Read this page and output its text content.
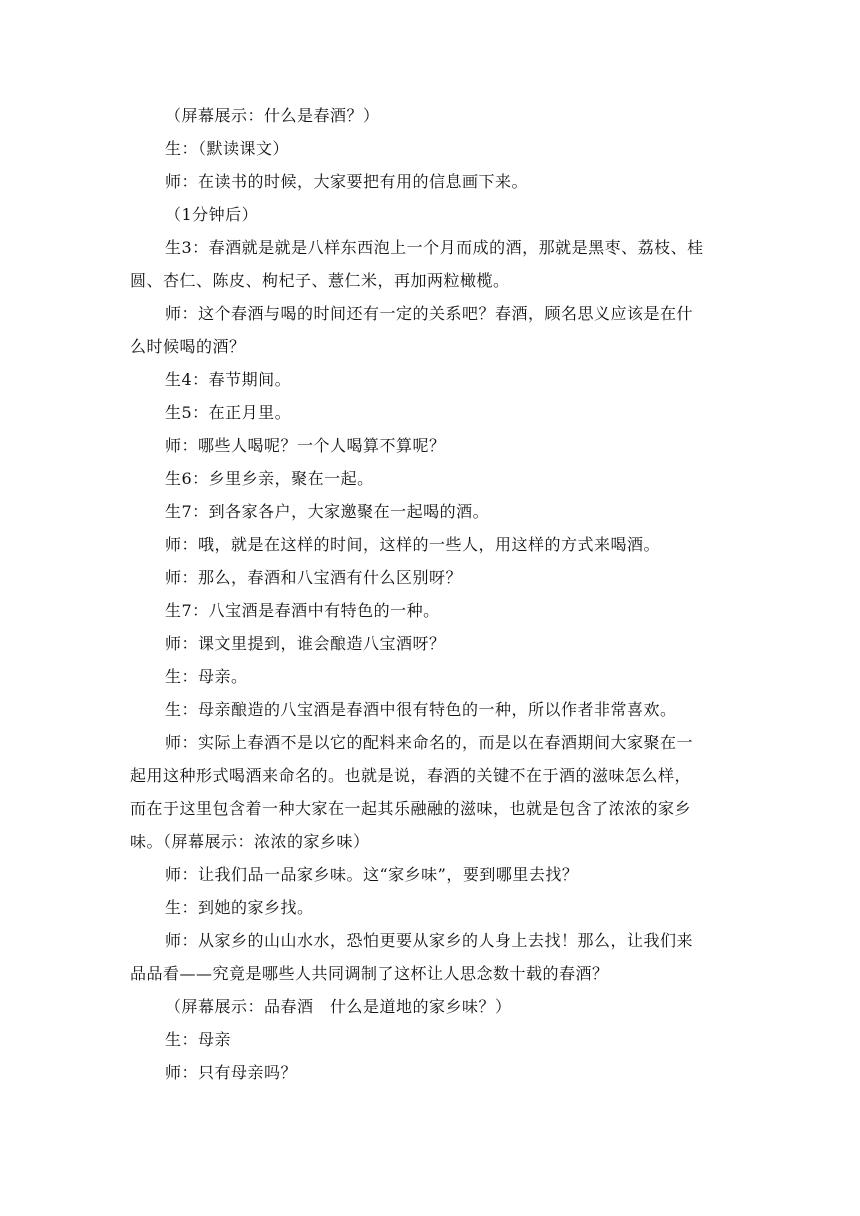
（屏幕展示：什么是春酒？）
生：（默读课文）
师：在读书的时候，大家要把有用的信息画下来。
（1分钟后）
生3：春酒就是就是八样东西泡上一个月而成的酒，那就是黑枣、荔枝、桂
圆、杏仁、陈皮、枸杞子、薏仁米，再加两粒橄榄。
师：这个春酒与喝的时间还有一定的关系吧？春酒，顾名思义应该是在什
么时候喝的酒？
生4：春节期间。
生5：在正月里。
师：哪些人喝呢？一个人喝算不算呢？
生6：乡里乡亲，聚在一起。
生7：到各家各户，大家邀聚在一起喝的酒。
师：哦，就是在这样的时间，这样的一些人，用这样的方式来喝酒。
师：那么，春酒和八宝酒有什么区别呀？
生7：八宝酒是春酒中有特色的一种。
师：课文里提到，谁会酿造八宝酒呀？
生：母亲。
生：母亲酿造的八宝酒是春酒中很有特色的一种，所以作者非常喜欢。
师：实际上春酒不是以它的配料来命名的，而是以在春酒期间大家聚在一
起用这种形式喝酒来命名的。也就是说，春酒的关键不在于酒的滋味怎么样，
而在于这里包含着一种大家在一起其乐融融的滋味，也就是包含了浓浓的家乡
味。（屏幕展示：浓浓的家乡味）
师：让我们品一品家乡味。这“家乡味”，要到哪里去找？
生：到她的家乡找。
师：从家乡的山山水水，恐怕更要从家乡的人身上去找！那么，让我们来
品品看——究竟是哪些人共同调制了这杯让人思念数十载的春酒？
（屏幕展示：品春酒　什么是道地的家乡味？）
生：母亲
师：只有母亲吗？
